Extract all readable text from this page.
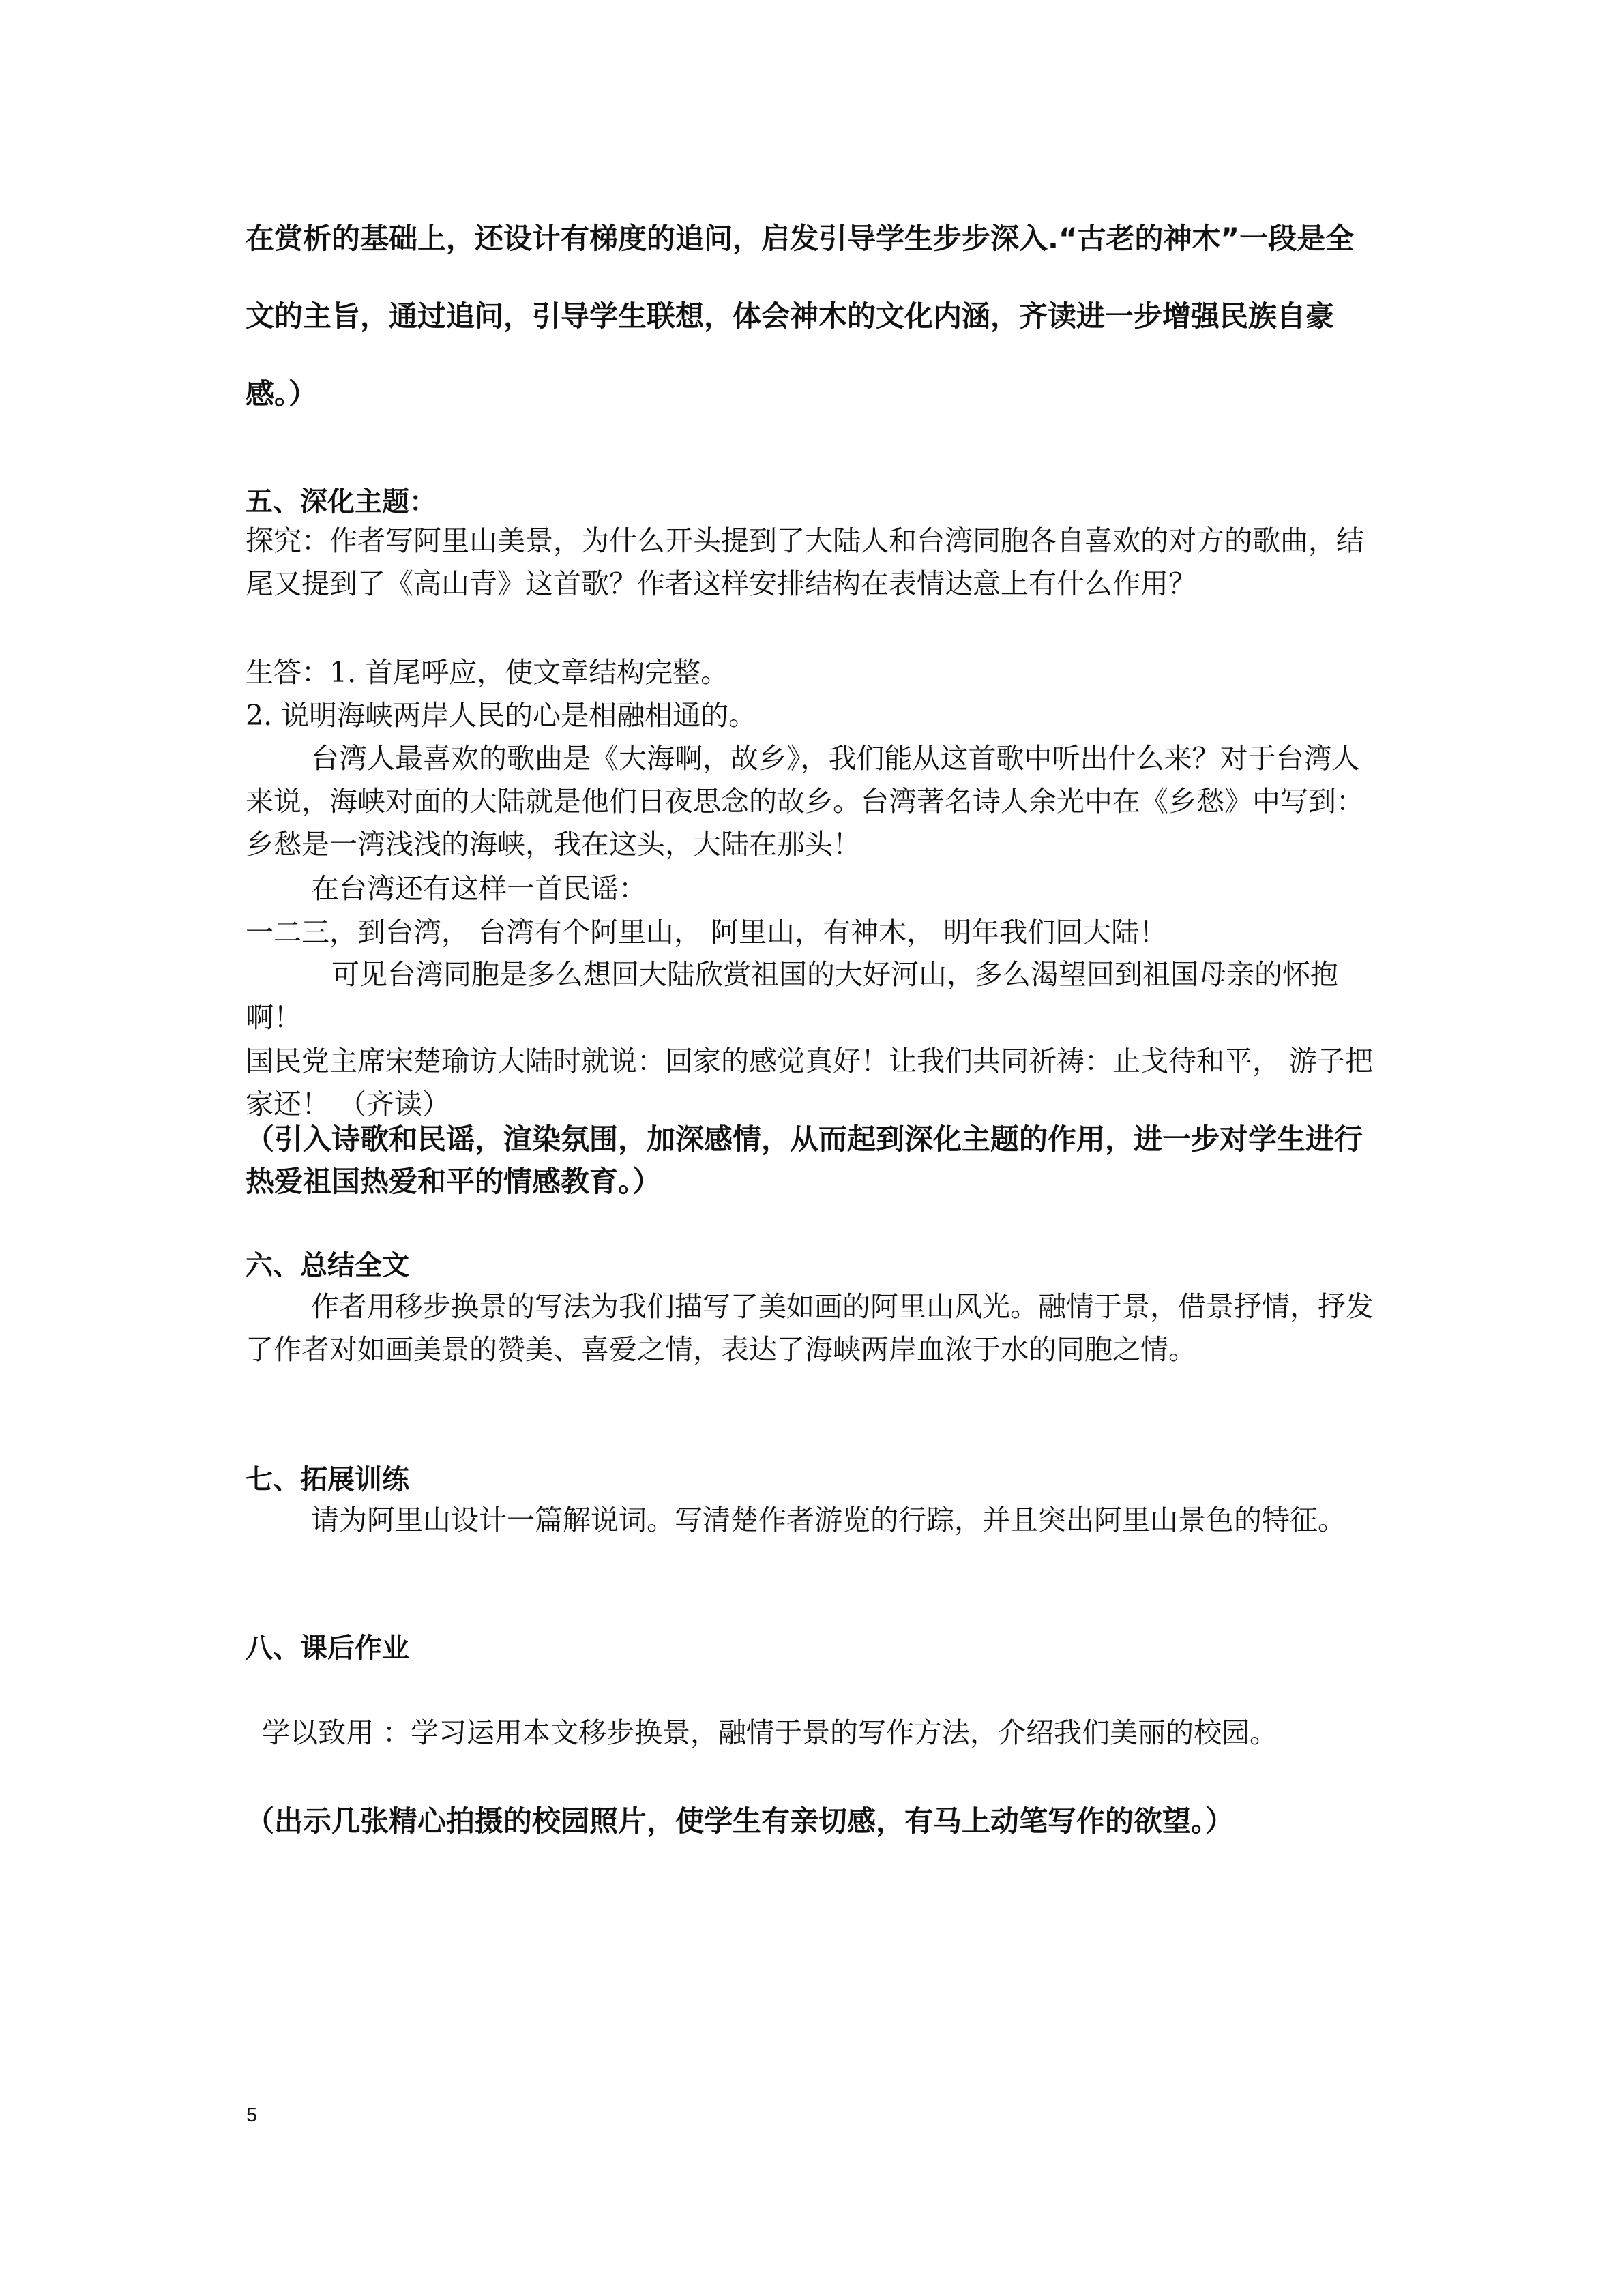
在赏析的基础上，还设计有梯度的追问，启发引导学生步步深入.“古老的神木”一段是全文的主旨，通过追问，引导学生联想，体会神木的文化内涵，齐读进一步增强民族自豪感。）

五、深化主题：

探究：作者写阿里山美景，为什么开头提到了大陆人和台湾同胞各自喜欢的对方的歌曲，结尾又提到了《高山青》这首歌？作者这样安排结构在表情达意上有什么作用？

生答：1. 首尾呼应，使文章结构完整。

2. 说明海峡两岸人民的心是相融相通的。

台湾人最喜欢的歌曲是《大海啊，故乡》，我们能从这首歌中听出什么来？对于台湾人来说，海峡对面的大陆就是他们日夜思念的故乡。台湾著名诗人余光中在《乡愁》中写到：乡愁是一湾浅浅的海峡，我在这头，大陆在那头！

在台湾还有这样一首民谣：

一二三，到台湾， 台湾有个阿里山， 阿里山，有神木， 明年我们回大陆！

可见台湾同胞是多么想回大陆欣赏祖国的大好河山，多么渴望回到祖国母亲的怀抱啊！

国民党主席宋楚瑜访大陆时就说：回家的感觉真好！让我们共同祈祷：止戈待和平， 游子把家还！ （齐读）

（引入诗歌和民谣，渲染氛围，加深感情，从而起到深化主题的作用，进一步对学生进行热爱祖国热爱和平的情感教育。）

六、总结全文

作者用移步换景的写法为我们描写了美如画的阿里山风光。融情于景，借景抒情，抒发了作者对如画美景的赞美、喜爱之情，表达了海峡两岸血浓于水的同胞之情。

七、拓展训练

请为阿里山设计一篇解说词。写清楚作者游览的行踪，并且突出阿里山景色的特征。

八、课后作业

学以致用 ：学习运用本文移步换景，融情于景的写作方法，介绍我们美丽的校园。

（出示几张精心拍摄的校园照片，使学生有亲切感，有马上动笔写作的欲望。）

5
